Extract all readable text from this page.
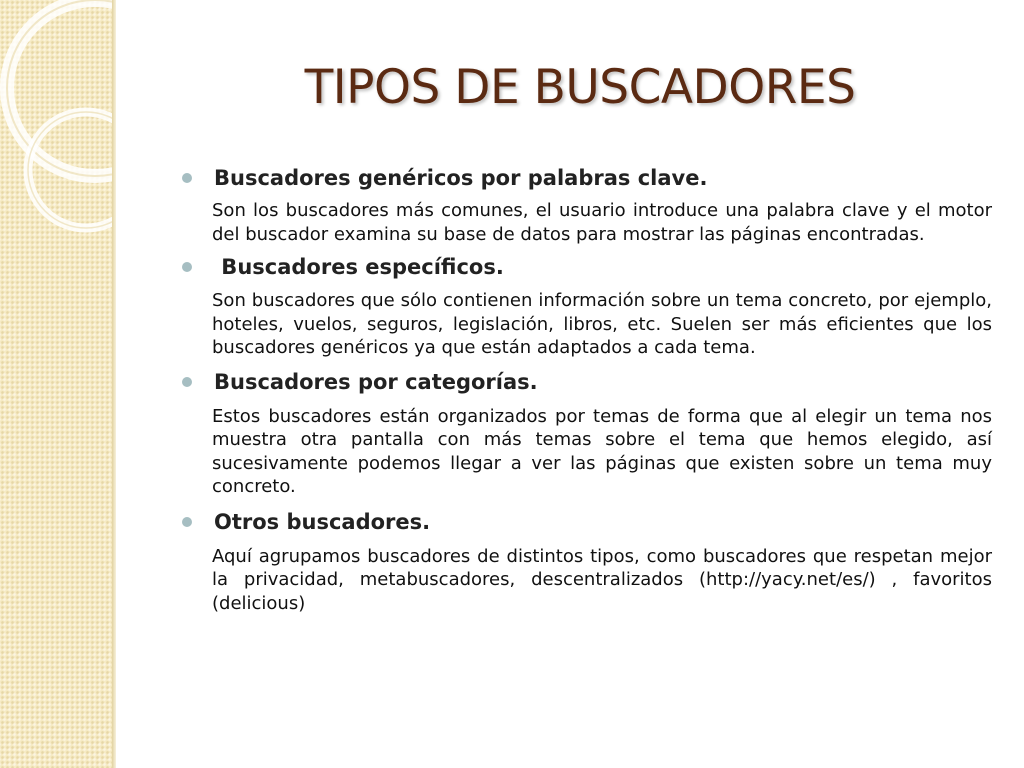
TIPOS DE BUSCADORES
Buscadores genéricos por palabras clave.
Son los buscadores más comunes, el usuario introduce una palabra clave y el motor del buscador examina su base de datos para mostrar las páginas encontradas.
Buscadores específicos.
Son buscadores que sólo contienen información sobre un tema concreto, por ejemplo, hoteles, vuelos, seguros, legislación, libros, etc. Suelen ser más eficientes que los buscadores genéricos ya que están adaptados a cada tema.
Buscadores por categorías.
Estos buscadores están organizados por temas de forma que al elegir un tema nos muestra otra pantalla con más temas sobre el tema que hemos elegido, así sucesivamente podemos llegar a ver las páginas que existen sobre un tema muy concreto.
Otros buscadores.
Aquí agrupamos buscadores de distintos tipos, como buscadores que respetan mejor la privacidad, metabuscadores, descentralizados (http://yacy.net/es/) , favoritos (delicious)
